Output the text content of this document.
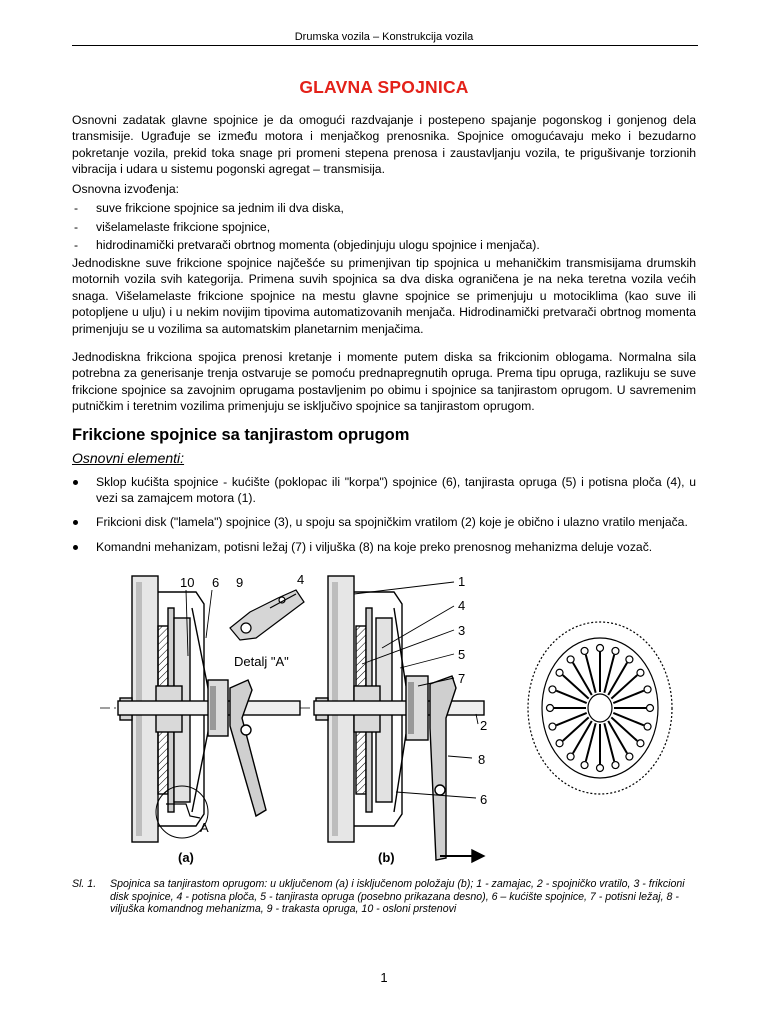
Drumska vozila – Konstrukcija vozila
GLAVNA SPOJNICA

Osnovni zadatak glavne spojnice je da omogući razdvajanje i postepeno spajanje pogonskog i gonjenog dela transmisije. Ugrađuje se između motora i menjačkog prenosnika. Spojnice omogućavaju meko i bezudarno pokretanje vozila, prekid toka snage pri promeni stepena prenosa i zaustavljanju vozila, te prigušivanje torzionih vibracija i udara u sistemu pogonski agregat – transmisija.

Osnovna izvođenja:

- suve frikcione spojnice sa jednim ili dva diska,
- višelamelaste frikcione spojnice,
- hidrodinamički pretvarači obrtnog momenta (objedinjuju ulogu spojnice i menjača).

Jednodiskne suve frikcione spojnice najčešće su primenjivan tip spojnica u mehaničkim transmisijama drumskih motornih vozila svih kategorija. Primena suvih spojnica sa dva diska ograničena je na neka teretna vozila većih snaga. Višelamelaste frikcione spojnice na mestu glavne spojnice se primenjuju u motociklima (kao suve ili potopljene u ulju) i u nekim novijim tipovima automatizovanih menjača. Hidrodinamički pretvarači obrtnog momenta primenjuju se u vozilima sa automatskim planetarnim menjačima.

Jednodiskna frikciona spojica prenosi kretanje i momente putem diska sa frikcionim oblogama. Normalna sila potrebna za generisanje trenja ostvaruje se pomoću prednapregnutih opruga. Prema tipu opruga, razlikuju se suve frikcione spojnice sa zavojnim oprugama postavljenim po obimu i spojnice sa tanjirastom oprugom. U savremenim putničkim i teretnim vozilima primenjuju se isključivo spojnice sa tanjirastom oprugom.

Frikcione spojnice sa tanjirastom oprugom
Osnovni elementi:
Sklop kućišta spojnice - kućište (poklopac ili "korpa") spojnice (6), tanjirasta opruga (5) i potisna ploča (4), u vezi sa zamajcem motora (1).
Frikcioni disk ("lamela") spojnice (3), u spoju sa spojničkim vratilom (2) koje je obično i ulazno vratilo menjača.
Komandni mehanizam, potisni ležaj (7) i viljuška (8) na koje preko prenosnog mehanizma deluje vozač.
10 6 9	4
Detalj "A"
A
(a)
1
4
3
5
7
2
8
6
(b)
Sl. 1. Spojnica sa tanjirastom oprugom: u uključenom (a) i isključenom položaju (b); 1 - zamajac, 2 - spojničko vratilo, 3 - frikcioni disk spojnice, 4 - potisna ploča, 5 - tanjirasta opruga (posebno prikazana desno), 6 – kućište spojnice, 7 - potisni ležaj, 8 - viljuška komandnog mehanizma, 9 - trakasta opruga, 10 - osloni prstenovi
1
